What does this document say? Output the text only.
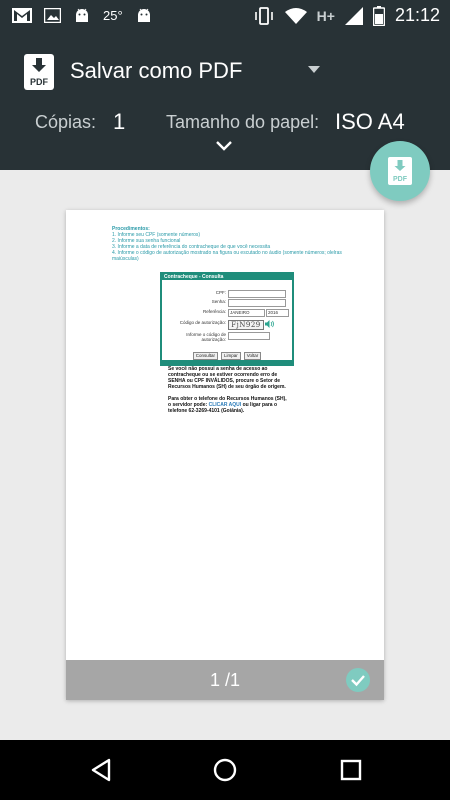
25°	H+	21:12
PDF Salvar como PDF
Cópias: 1 Tamanho do papel: ISO A4
PDF
Procedimentos:
1. Informe seu CPF (somente números)
2. Informe sua senha funcional
3. Informe a data de referência do contracheque de que você necessita
4. Informe o código de autorização mostrado na figura ou escutado no áudio (somente números; olelras maiúsculas)
Contracheque - Consulta
CPF:
Senha:
Referência: JANEIRO	2016
Código de autorização: FjN929
Informe o código de autorização:
Consultar	Limpar	Voltar

Se você não possui a senha de acesso ao contracheque ou se estiver ocorrendo erro de SENHA ou CPF INVÁLIDOS, procure o Setor de Recursos Humanos (SH) de seu órgão de origem.

Para obter o telefone do Recursos Humanos (SH), o servidor pode: CLICAR AQUI ou ligar para o telefone 62-3269-4101 (Goiânia).

1 /1
